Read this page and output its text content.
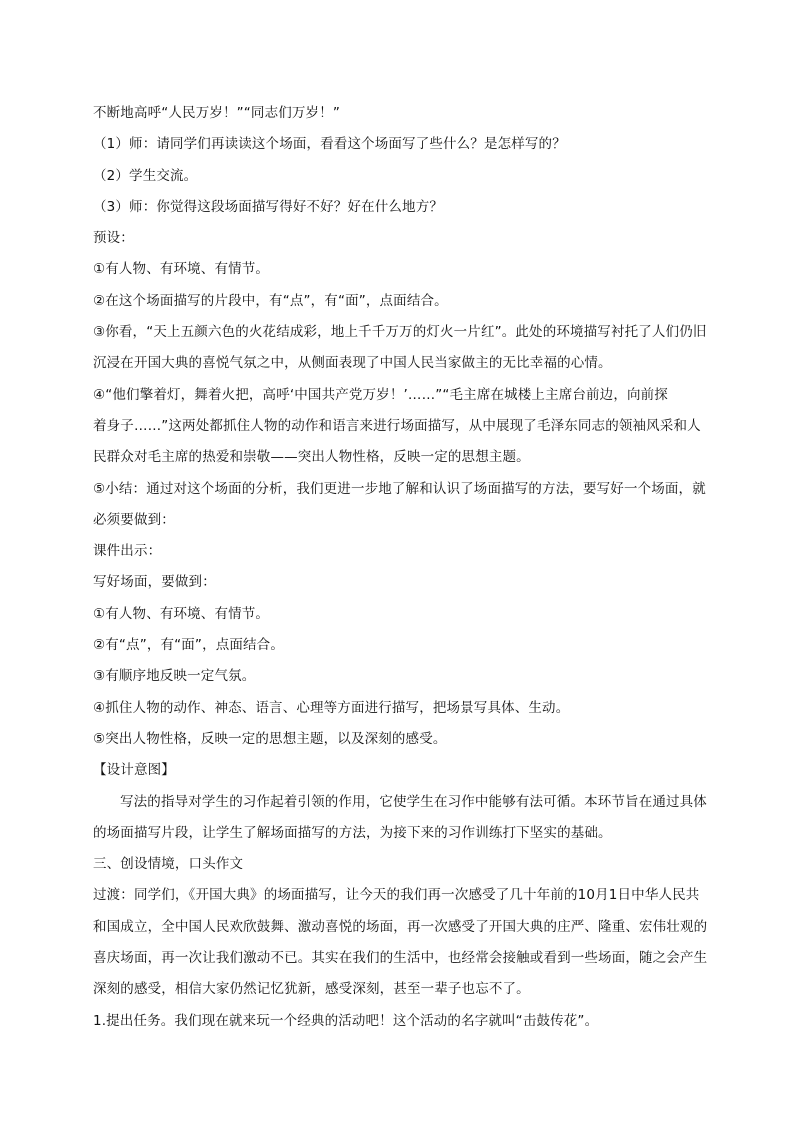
不断地高呼“人民万岁！”“同志们万岁！”
（1）师：请同学们再读读这个场面，看看这个场面写了些什么？是怎样写的？
（2）学生交流。
（3）师：你觉得这段场面描写得好不好？好在什么地方？
预设：
①有人物、有环境、有情节。
②在这个场面描写的片段中，有“点”，有“面”，点面结合。
③你看，“天上五颜六色的火花结成彩，地上千千万万的灯火一片红”。此处的环境描写衬托了人们仍旧
沉浸在开国大典的喜悦气氛之中，从侧面表现了中国人民当家做主的无比幸福的心情。
④“他们擎着灯，舞着火把，高呼‘中国共产党万岁！’……”“毛主席在城楼上主席台前边，向前探
着身子……”这两处都抓住人物的动作和语言来进行场面描写，从中展现了毛泽东同志的领袖风采和人
民群众对毛主席的热爱和崇敬——突出人物性格，反映一定的思想主题。
⑤小结：通过对这个场面的分析，我们更进一步地了解和认识了场面描写的方法，要写好一个场面，就
必须要做到：
课件出示：
写好场面，要做到：
①有人物、有环境、有情节。
②有“点”，有“面”，点面结合。
③有顺序地反映一定气氛。
④抓住人物的动作、神态、语言、心理等方面进行描写，把场景写具体、生动。
⑤突出人物性格，反映一定的思想主题，以及深刻的感受。
【设计意图】
写法的指导对学生的习作起着引领的作用，它使学生在习作中能够有法可循。本环节旨在通过具体
的场面描写片段，让学生了解场面描写的方法，为接下来的习作训练打下坚实的基础。
三、创设情境，口头作文
过渡：同学们，《开国大典》的场面描写，让今天的我们再一次感受了几十年前的10月1日中华人民共
和国成立，全中国人民欢欣鼓舞、激动喜悦的场面，再一次感受了开国大典的庄严、隆重、宏伟壮观的
喜庆场面，再一次让我们激动不已。其实在我们的生活中，也经常会接触或看到一些场面，随之会产生
深刻的感受，相信大家仍然记忆犹新，感受深刻，甚至一辈子也忘不了。
1.提出任务。我们现在就来玩一个经典的活动吧！这个活动的名字就叫“击鼓传花”。
